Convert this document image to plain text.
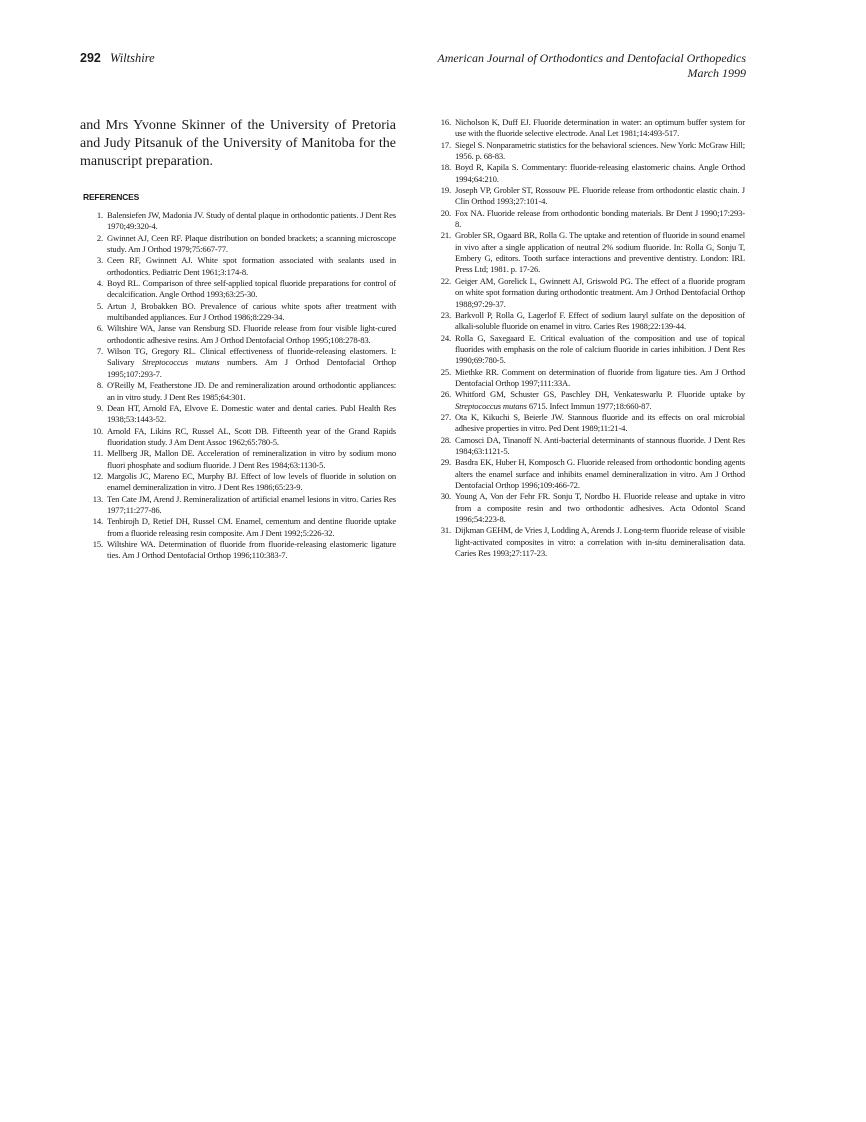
292 Wiltshire	American Journal of Orthodontics and Dentofacial Orthopedics
March 1999
and Mrs Yvonne Skinner of the University of Pretoria and Judy Pitsanuk of the University of Manitoba for the manuscript preparation.
REFERENCES
1. Balensiefen JW, Madonia JV. Study of dental plaque in orthodontic patients. J Dent Res 1970;49:320-4.
2. Gwinnet AJ, Ceen RF. Plaque distribution on bonded brackets; a scanning microscope study. Am J Orthod 1979;75:667-77.
3. Ceen RF, Gwinnett AJ. White spot formation associated with sealants used in orthodontics. Pediatric Dent 1961;3:174-8.
4. Boyd RL. Comparison of three self-applied topical fluoride preparations for control of decalcification. Angle Orthod 1993;63:25-30.
5. Artun J, Brobakken BO. Prevalence of carious white spots after treatment with multibanded appliances. Eur J Orthod 1986;8:229-34.
6. Wiltshire WA, Janse van Rensburg SD. Fluoride release from four visible light-cured orthodontic adhesive resins. Am J Orthod Dentofacial Orthop 1995;108:278-83.
7. Wilson TG, Gregory RL. Clinical effectiveness of fluoride-releasing elastomers. I: Salivary Streptococcus mutans numbers. Am J Orthod Dentofacial Orthop 1995;107:293-7.
8. O'Reilly M, Featherstone JD. De and remineralization around orthodontic appliances: an in vitro study. J Dent Res 1985;64:301.
9. Dean HT, Arnold FA, Elvove E. Domestic water and dental caries. Publ Health Res 1938;53:1443-52.
10. Arnold FA, Likins RC, Russel AL, Scott DB. Fifteenth year of the Grand Rapids fluoridation study. J Am Dent Assoc 1962;65:780-5.
11. Mellberg JR, Mallon DE. Acceleration of remineralization in vitro by sodium mono fluori phosphate and sodium fluoride. J Dent Res 1984;63:1130-5.
12. Margolis JC, Mareno EC, Murphy BJ. Effect of low levels of fluoride in solution on enamel demineralization in vitro. J Dent Res 1986;65:23-9.
13. Ten Cate JM, Arend J. Remineralization of artificial enamel lesions in vitro. Caries Res 1977;11:277-86.
14. Tenbirojh D, Retief DH, Russel CM. Enamel, cementum and dentine fluoride uptake from a fluoride releasing resin composite. Am J Dent 1992;5:226-32.
15. Wiltshire WA. Determination of fluoride from fluoride-releasing elastomeric ligature ties. Am J Orthod Dentofacial Orthop 1996;110:383-7.
16. Nicholson K, Duff EJ. Fluoride determination in water: an optimum buffer system for use with the fluoride selective electrode. Anal Let 1981;14:493-517.
17. Siegel S. Nonparametric statistics for the behavioral sciences. New York: McGraw Hill; 1956. p. 68-83.
18. Boyd R, Kapila S. Commentary: fluoride-releasing elastomeric chains. Angle Orthod 1994;64:210.
19. Joseph VP, Grobler ST, Rossouw PE. Fluoride release from orthodontic elastic chain. J Clin Orthod 1993;27:101-4.
20. Fox NA. Fluoride release from orthodontic bonding materials. Br Dent J 1990;17:293-8.
21. Grobler SR, Ogaard BR, Rolla G. The uptake and retention of fluoride in sound enamel in vivo after a single application of neutral 2% sodium fluoride. In: Rolla G, Sonju T, Embery G, editors. Tooth surface interactions and preventive dentistry. London: IRL Press Ltd; 1981. p. 17-26.
22. Geiger AM, Gorelick L, Gwinnett AJ, Griswold PG. The effect of a fluoride program on white spot formation during orthodontic treatment. Am J Orthod Dentofacial Orthop 1988;97:29-37.
23. Barkvoll P, Rolla G, Lagerlof F. Effect of sodium lauryl sulfate on the deposition of alkali-soluble fluoride on enamel in vitro. Caries Res 1988;22:139-44.
24. Rolla G, Saxegaard E. Critical evaluation of the composition and use of topical fluorides with emphasis on the role of calcium fluoride in caries inhibition. J Dent Res 1990;69:780-5.
25. Miethke RR. Comment on determination of fluoride from ligature ties. Am J Orthod Dentofacial Orthop 1997;111:33A.
26. Whitford GM, Schuster GS, Paschley DH, Venkateswarlu P. Fluoride uptake by Streptococcus mutans 6715. Infect Immun 1977;18:660-87.
27. Ota K, Kikuchi S, Beierle JW. Stannous fluoride and its effects on oral microbial adhesive properties in vitro. Ped Dent 1989;11:21-4.
28. Camosci DA, Tinanoff N. Anti-bacterial determinants of stannous fluoride. J Dent Res 1984;63:1121-5.
29. Basdra EK, Huber H, Komposch G. Fluoride released from orthodontic bonding agents alters the enamel surface and inhibits enamel demineralization in vitro. Am J Orthod Dentofacial Orthop 1996;109:466-72.
30. Young A, Von der Fehr FR. Sonju T, Nordbo H. Fluoride release and uptake in vitro from a composite resin and two orthodontic adhesives. Acta Odontol Scand 1996;54:223-8.
31. Dijkman GEHM, de Vries J, Lodding A, Arends J. Long-term fluoride release of visible light-activated composites in vitro: a correlation with in-situ demineralisation data. Caries Res 1993;27:117-23.
